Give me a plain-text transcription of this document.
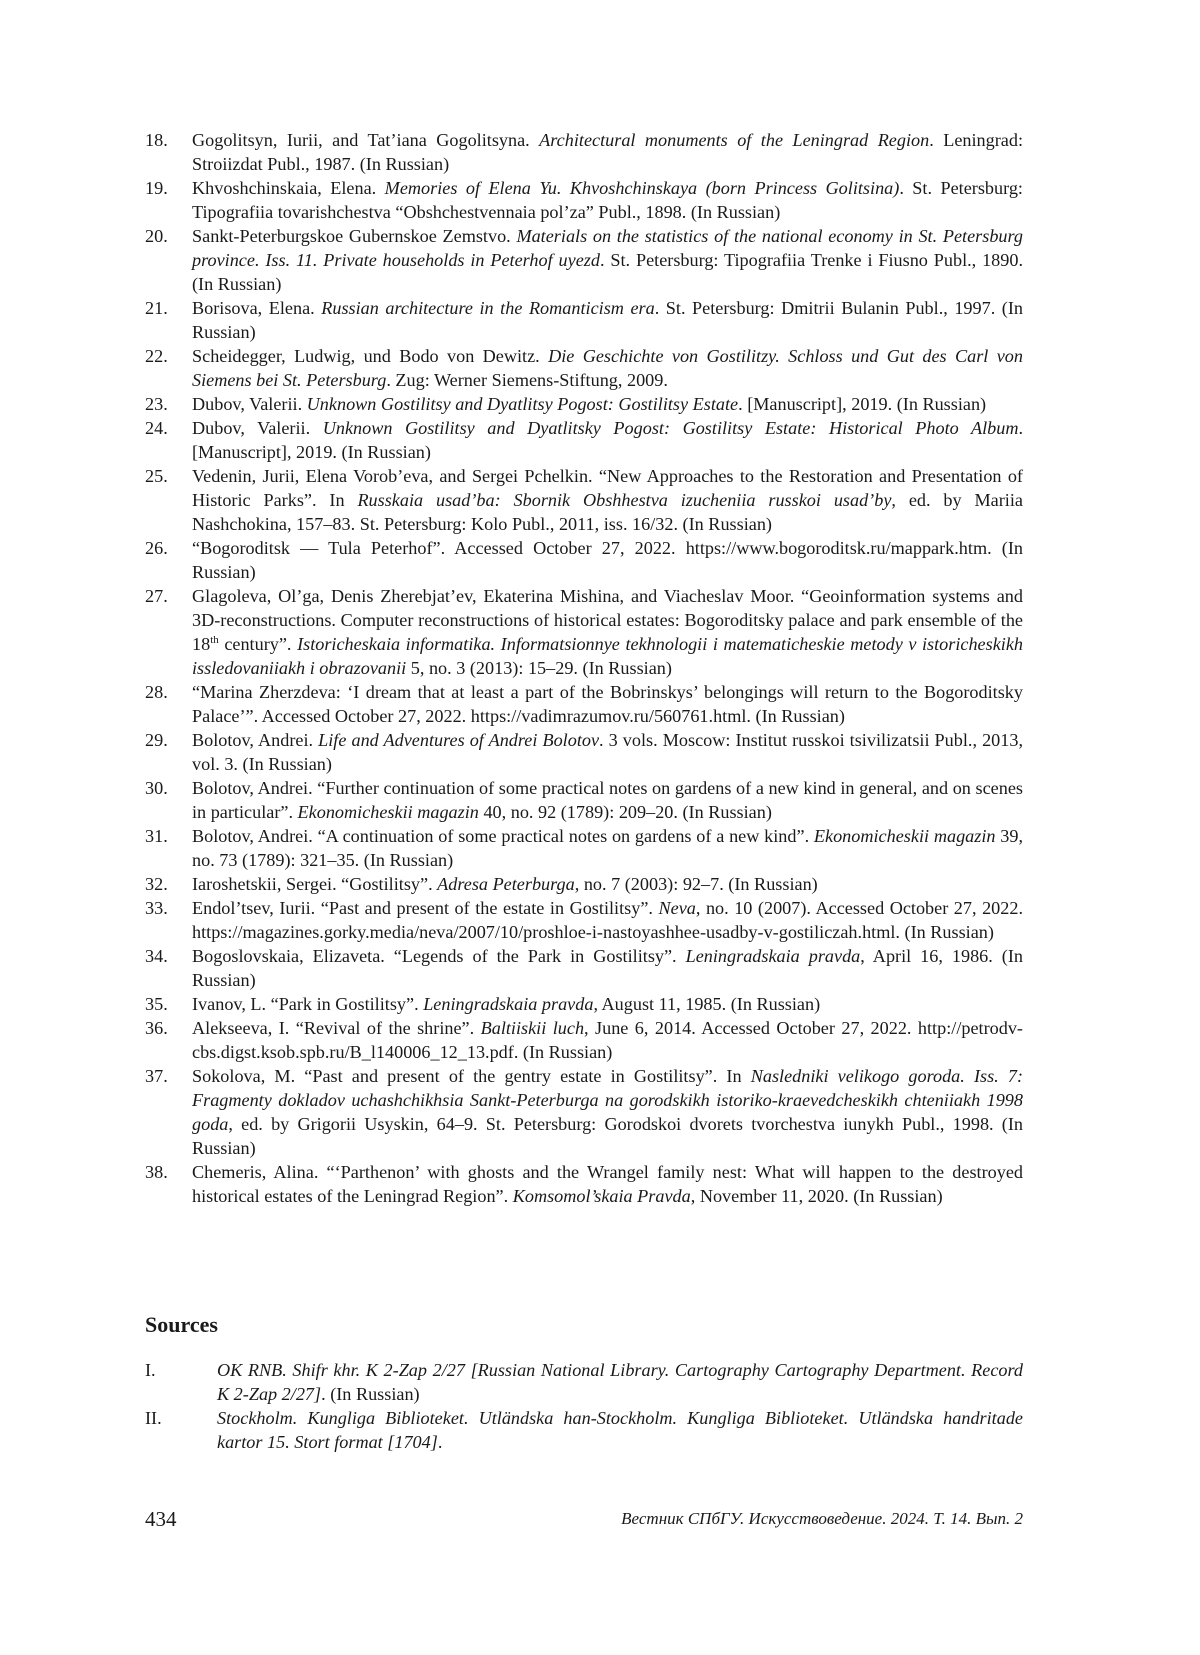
18.	Gogolitsyn, Iurii, and Tat’iana Gogolitsyna. Architectural monuments of the Leningrad Region. Leningrad: Stroiizdat Publ., 1987. (In Russian)
19.	Khvoshchinskaia, Elena. Memories of Elena Yu. Khvoshchinskaya (born Princess Golitsina). St. Petersburg: Tipografiia tovarishchestva “Obshchestvennaia pol’za” Publ., 1898. (In Russian)
20.	Sankt-Peterburgskoe Gubernskoe Zemstvo. Materials on the statistics of the national economy in St. Petersburg province. Iss. 11. Private households in Peterhof uyezd. St. Petersburg: Tipografiia Trenke i Fiusno Publ., 1890. (In Russian)
21.	Borisova, Elena. Russian architecture in the Romanticism era. St. Petersburg: Dmitrii Bulanin Publ., 1997. (In Russian)
22.	Scheidegger, Ludwig, und Bodo von Dewitz. Die Geschichte von Gostilitzy. Schloss und Gut des Carl von Siemens bei St. Petersburg. Zug: Werner Siemens-Stiftung, 2009.
23.	Dubov, Valerii. Unknown Gostilitsy and Dyatlitsy Pogost: Gostilitsy Estate. [Manuscript], 2019. (In Russian)
24.	Dubov, Valerii. Unknown Gostilitsy and Dyatlitsky Pogost: Gostilitsy Estate: Historical Photo Album. [Manuscript], 2019. (In Russian)
25.	Vedenin, Jurii, Elena Vorob’eva, and Sergei Pchelkin. “New Approaches to the Restoration and Presentation of Historic Parks”. In Russkaia usad’ba: Sbornik Obshhestva izucheniia russkoi usad’by, ed. by Mariia Nashchokina, 157–83. St. Petersburg: Kolo Publ., 2011, iss. 16/32. (In Russian)
26.	“Bogoroditsk — Tula Peterhof”. Accessed October 27, 2022. https://www.bogoroditsk.ru/mappark.htm. (In Russian)
27.	Glagoleva, Ol’ga, Denis Zherebjat’ev, Ekaterina Mishina, and Viacheslav Moor. “Geoinformation systems and 3D-reconstructions. Computer reconstructions of historical estates: Bogoroditsky palace and park ensemble of the 18th century”. Istoricheskaia informatika. Informatsionnye tekhnologii i matematicheskie metody v istoricheskikh issledovaniiakh i obrazovanii 5, no. 3 (2013): 15–29. (In Russian)
28.	“Marina Zherzdeva: ‘I dream that at least a part of the Bobrinskys’ belongings will return to the Bogoroditsky Palace’”. Accessed October 27, 2022. https://vadimrazumov.ru/560761.html. (In Russian)
29.	Bolotov, Andrei. Life and Adventures of Andrei Bolotov. 3 vols. Moscow: Institut russkoi tsivilizatsii Publ., 2013, vol. 3. (In Russian)
30.	Bolotov, Andrei. “Further continuation of some practical notes on gardens of a new kind in general, and on scenes in particular”. Ekonomicheskii magazin 40, no. 92 (1789): 209–20. (In Russian)
31.	Bolotov, Andrei. “A continuation of some practical notes on gardens of a new kind”. Ekonomicheskii magazin 39, no. 73 (1789): 321–35. (In Russian)
32.	Iaroshetskii, Sergei. “Gostilitsy”. Adresa Peterburga, no. 7 (2003): 92–7. (In Russian)
33.	Endol’tsev, Iurii. “Past and present of the estate in Gostilitsy”. Neva, no. 10 (2007). Accessed October 27, 2022. https://magazines.gorky.media/neva/2007/10/proshloe-i-nastoyashhee-usadby-v-gostiliczah.html. (In Russian)
34.	Bogoslovskaia, Elizaveta. “Legends of the Park in Gostilitsy”. Leningradskaia pravda, April 16, 1986. (In Russian)
35.	Ivanov, L. “Park in Gostilitsy”. Leningradskaia pravda, August 11, 1985. (In Russian)
36.	Alekseeva, I. “Revival of the shrine”. Baltiiskii luch, June 6, 2014. Accessed October 27, 2022. http://petrodv-cbs.digst.ksob.spb.ru/B_l140006_12_13.pdf. (In Russian)
37.	Sokolova, M. “Past and present of the gentry estate in Gostilitsy”. In Nasledniki velikogo goroda. Iss. 7: Fragmenty dokladov uchashchikhsia Sankt-Peterburga na gorodskikh istoriko-kraevedcheskikh chteniiakh 1998 goda, ed. by Grigorii Usyskin, 64–9. St. Petersburg: Gorodskoi dvorets tvorchestva iunykh Publ., 1998. (In Russian)
38.	Chemeris, Alina. “‘Parthenon’ with ghosts and the Wrangel family nest: What will happen to the destroyed historical estates of the Leningrad Region”. Komsomol’skaia Pravda, November 11, 2020. (In Russian)
Sources
I.	OK RNB. Shifr khr. K 2-Zap 2/27 [Russian National Library. Cartography Cartography Department. Record K 2-Zap 2/27]. (In Russian)
II.	Stockholm. Kungliga Biblioteket. Utländska han-Stockholm. Kungliga Biblioteket. Utländska handritade kartor 15. Stort format [1704].
434	Вестник СПбГУ. Искусствоведение. 2024. Т. 14. Вып. 2
